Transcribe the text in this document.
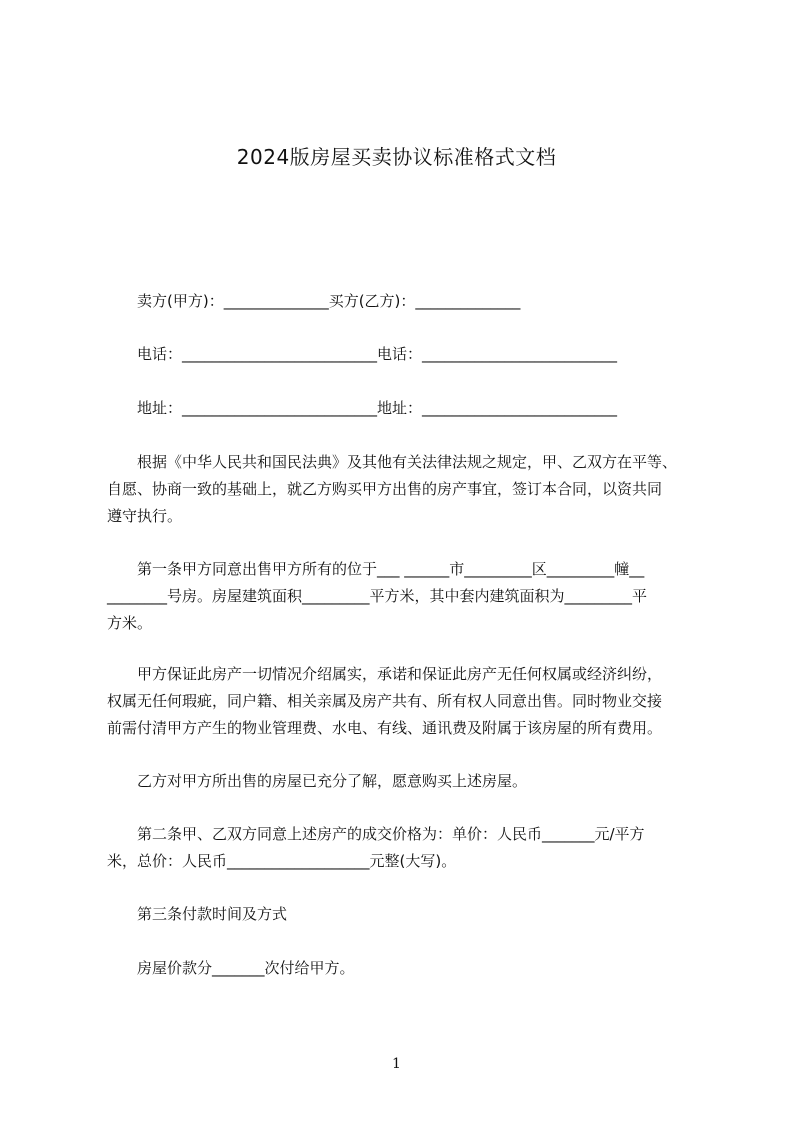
2024版房屋买卖协议标准格式文档

卖方(甲方)：______________买方(乙方)：______________

电话：__________________________电话：__________________________

地址：__________________________地址：__________________________

根据《中华人民共和国民法典》及其他有关法律法规之规定，甲、乙双方在平等、

自愿、协商一致的基础上，就乙方购买甲方出售的房产事宜，签订本合同，以资共同

遵守执行。

第一条甲方同意出售甲方所有的位于___ ______市_________区_________幢__

________号房。房屋建筑面积_________平方米，其中套内建筑面积为_________平

方米。

甲方保证此房产一切情况介绍属实，承诺和保证此房产无任何权属或经济纠纷，

权属无任何瑕疵，同户籍、相关亲属及房产共有、所有权人同意出售。同时物业交接

前需付清甲方产生的物业管理费、水电、有线、通讯费及附属于该房屋的所有费用。

乙方对甲方所出售的房屋已充分了解，愿意购买上述房屋。

第二条甲、乙双方同意上述房产的成交价格为：单价：人民币_______元/平方

米，总价：人民币___________________元整(大写)。

第三条付款时间及方式

房屋价款分_______次付给甲方。

1
